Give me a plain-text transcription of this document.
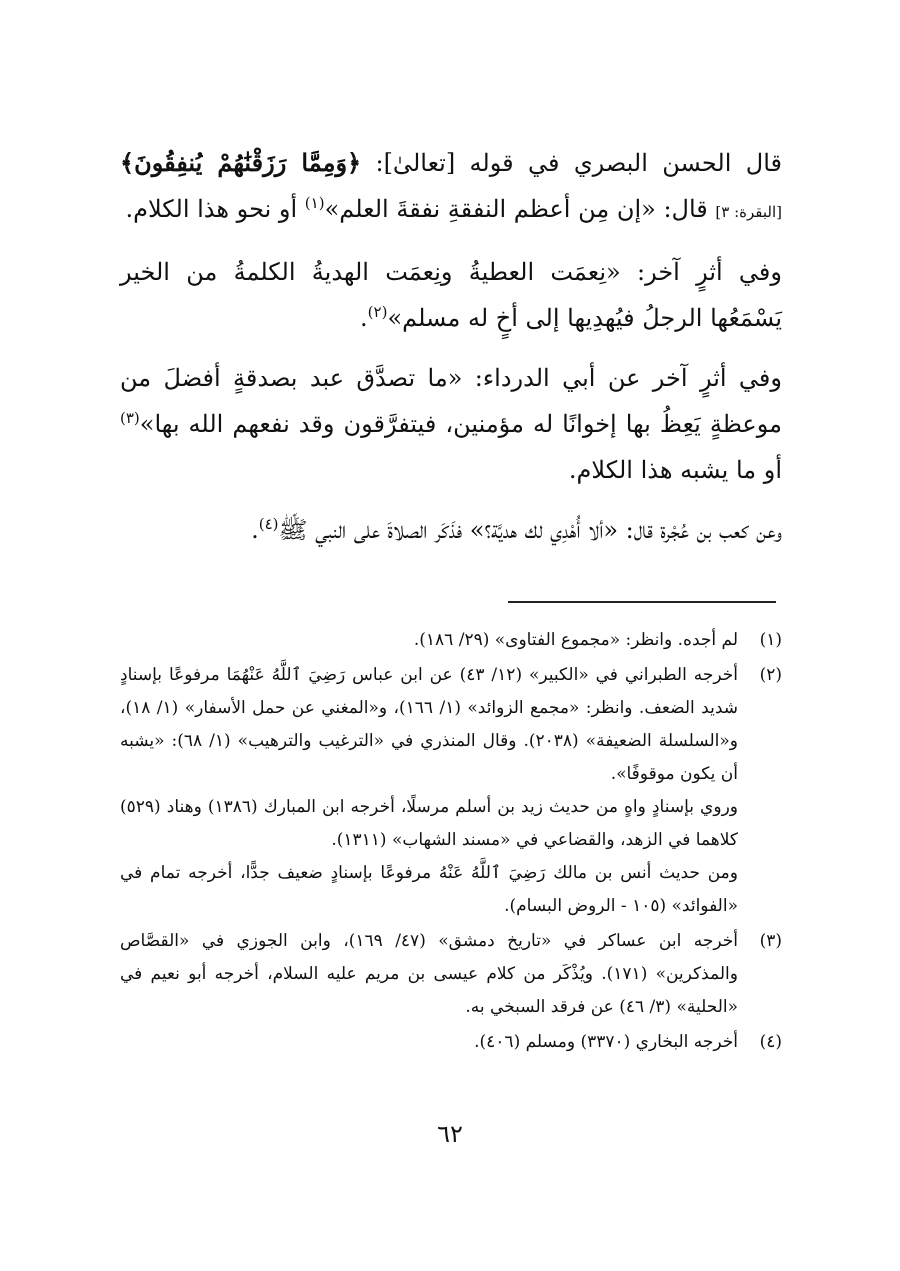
قال الحسن البصري في قوله [تعالىٰ]: ﴿وَمِمَّا رَزَقْنَٰهُمْ يُنفِقُونَ﴾ [البقرة: ٣] قال: «إن مِن أعظم النفقةِ نفقةَ العلم»$^{(١)}$ أو نحو هذا الكلام.

وفي أثرٍ آخر: «نِعمَت العطيةُ ونِعمَت الهديةُ الكلمةُ من الخير يَسْمَعُها الرجلُ فيُهدِيها إلى أخٍ له مسلم»$^{(٢)}$.

وفي أثرٍ آخر عن أبي الدرداء: «ما تصدَّق عبد بصدقةٍ أفضلَ من موعظةٍ يَعِظُ بها إخوانًا له مؤمنين، فيتفرَّقون وقد نفعهم الله بها»$^{(٣)}$ أو ما يشبه هذا الكلام.

وعن كعب بن عُجْرة قال: «ألا أُهْدِي لك هديَّة؟» فذَكَر الصلاةَ على النبي ﷺ$^{(٤)}$.

(١)
لم أجده. وانظر: «مجموع الفتاوى» (٢٩/ ١٨٦).
(٢)
أخرجه الطبراني في «الكبير» (١٢/ ٤٣) عن ابن عباس رَضِيَ ٱللَّهُ عَنْهُمَا مرفوعًا بإسنادٍ شديد الضعف. وانظر: «مجمع الزوائد» (١/ ١٦٦)، و«المغني عن حمل الأسفار» (١/ ١٨)، و«السلسلة الضعيفة» (٢٠٣٨). وقال المنذري في «الترغيب والترهيب» (١/ ٦٨): «يشبه أن يكون موقوفًا».
وروي بإسنادٍ واهٍ من حديث زيد بن أسلم مرسلًا، أخرجه ابن المبارك (١٣٨٦) وهناد (٥٢٩) كلاهما في الزهد، والقضاعي في «مسند الشهاب» (١٣١١).
ومن حديث أنس بن مالك رَضِيَ ٱللَّهُ عَنْهُ مرفوعًا بإسنادٍ ضعيف جدًّا، أخرجه تمام في «الفوائد» (١٠٥ - الروض البسام).
(٣)
أخرجه ابن عساكر في «تاريخ دمشق» (٤٧/ ١٦٩)، وابن الجوزي في «القصَّاص والمذكرين» (١٧١). ويُذْكَر من كلام عيسى بن مريم عليه السلام، أخرجه أبو نعيم في «الحلية» (٣/ ٤٦) عن فرقد السبخي به.
(٤)
أخرجه البخاري (٣٣٧٠) ومسلم (٤٠٦).
٦٢
